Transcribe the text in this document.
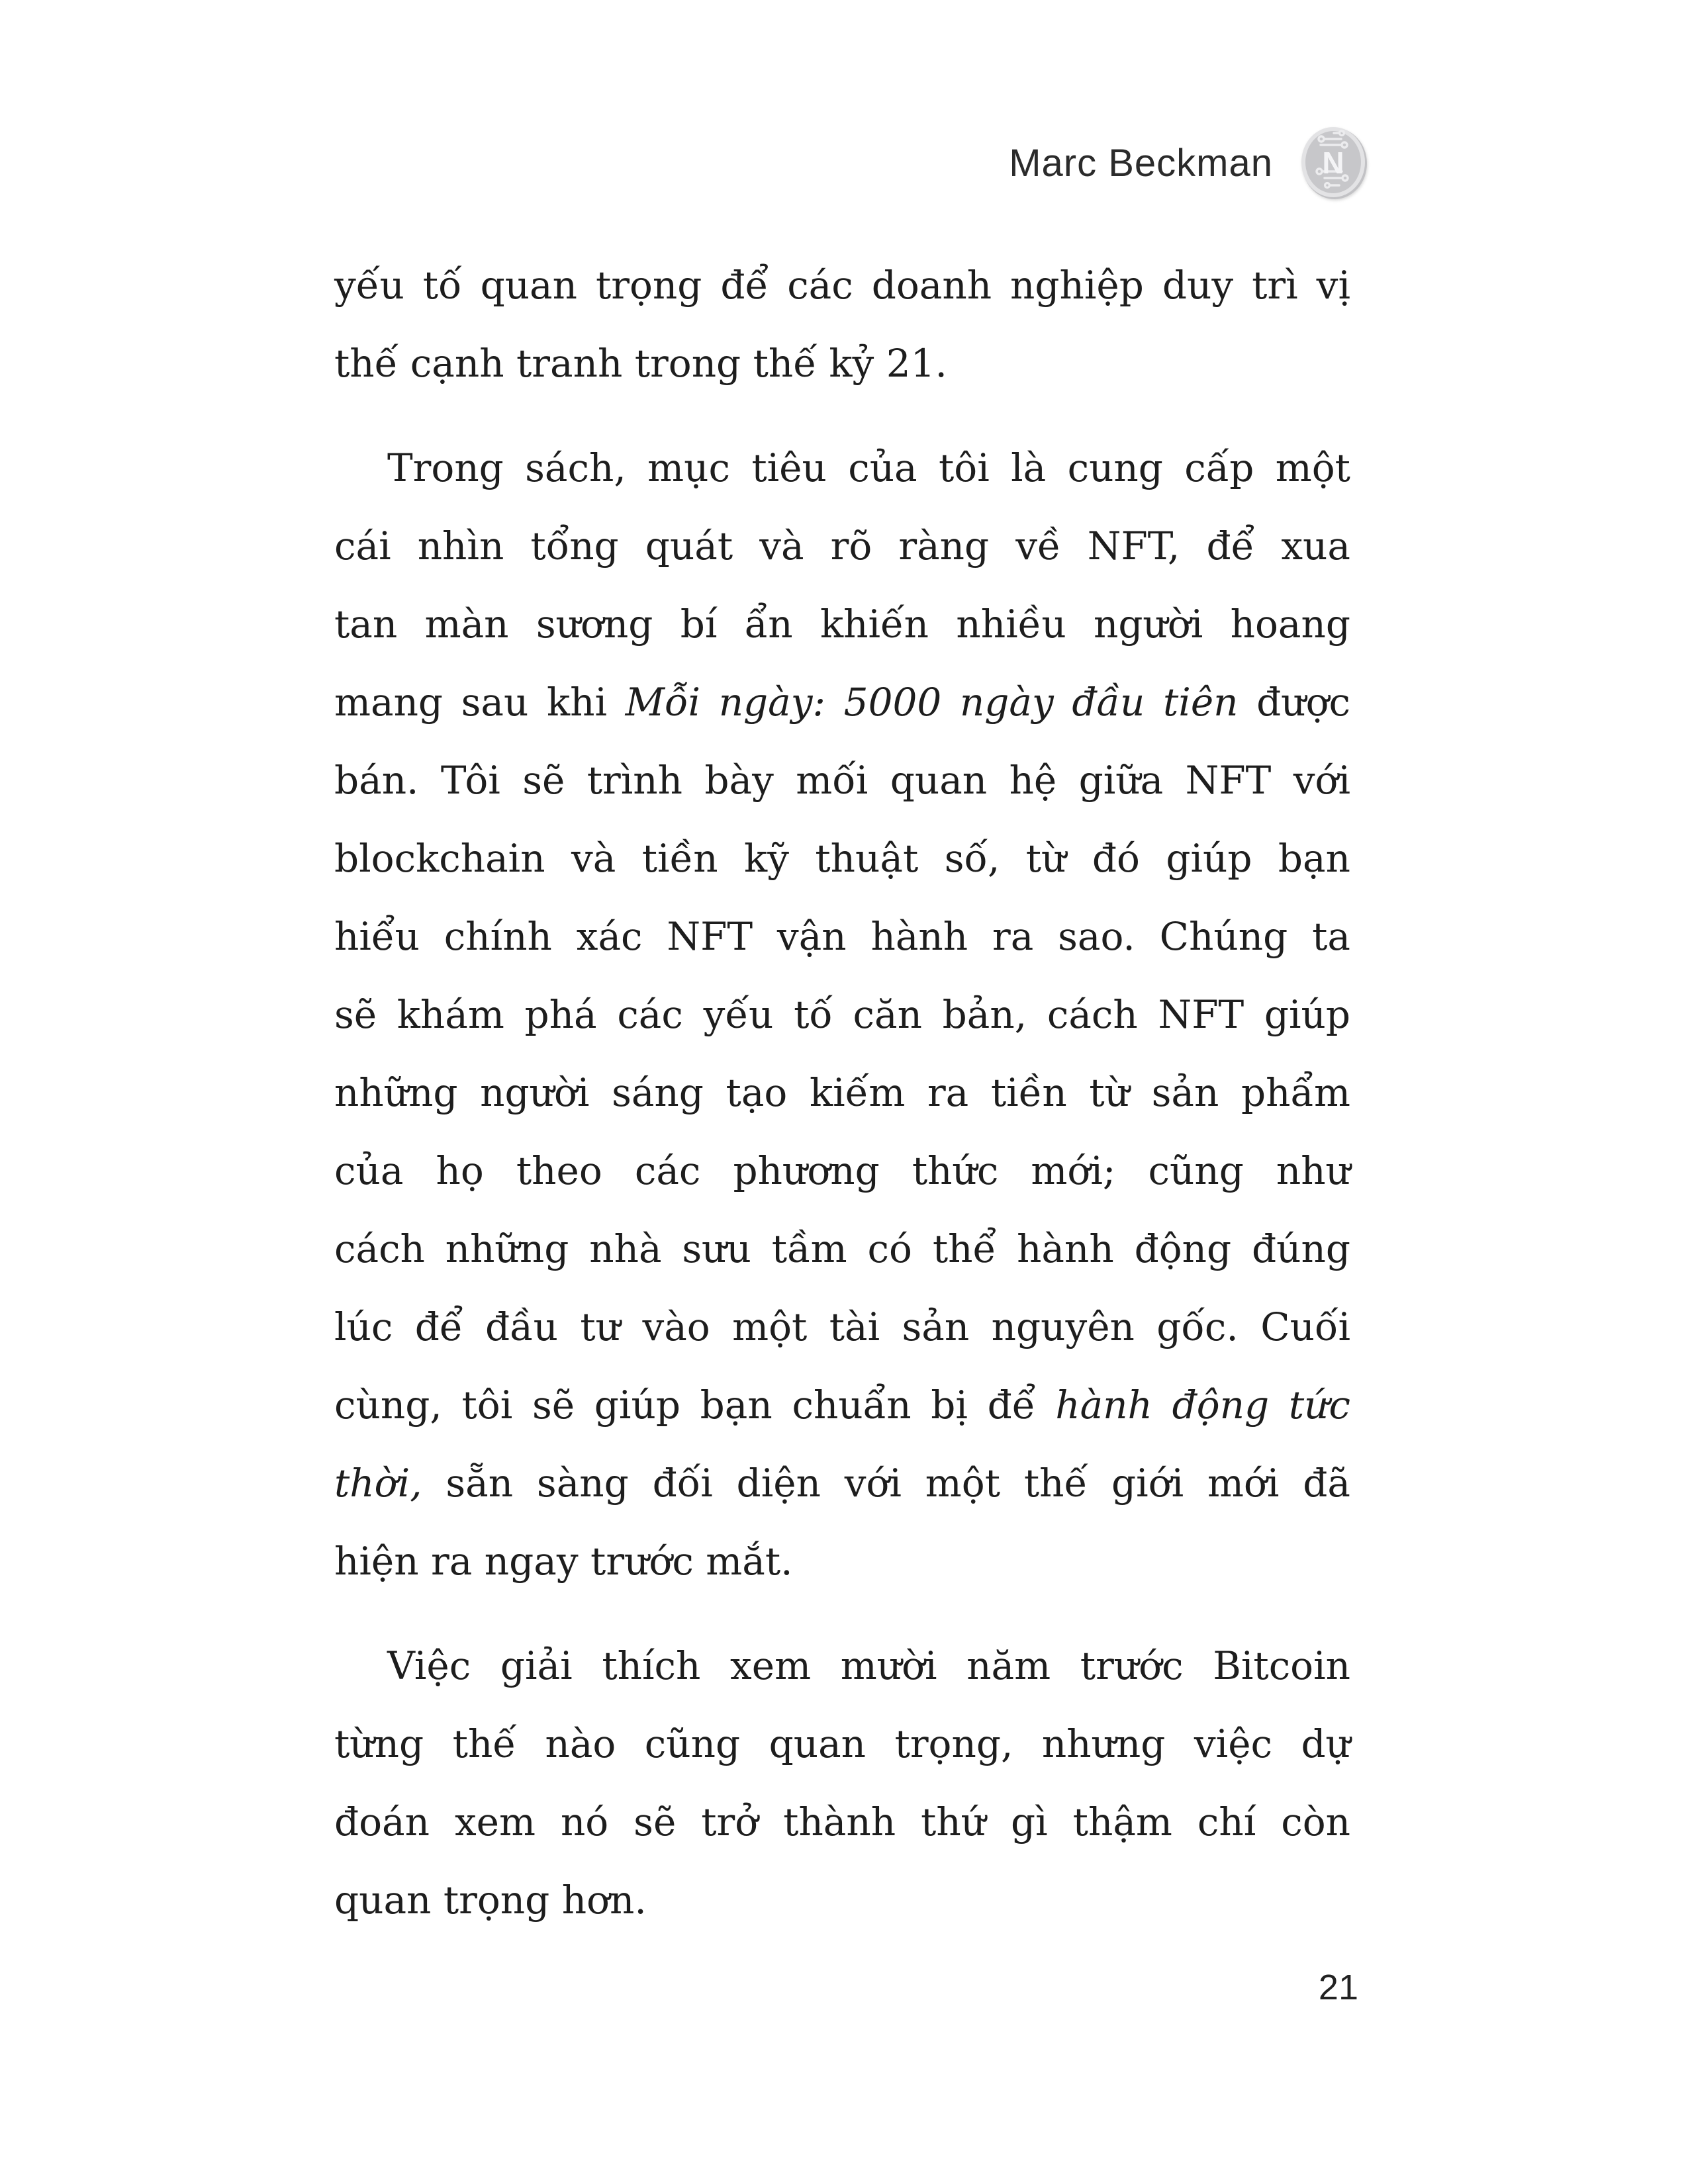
Marc Beckman N
yếu tố quan trọng để các doanh nghiệp duy trì vị
thế cạnh tranh trong thế kỷ 21.
Trong sách, mục tiêu của tôi là cung cấp một
cái nhìn tổng quát và rõ ràng về NFT, để xua
tan màn sương bí ẩn khiến nhiều người hoang
mang sau khi Mỗi ngày: 5000 ngày đầu tiên được
bán. Tôi sẽ trình bày mối quan hệ giữa NFT với
blockchain và tiền kỹ thuật số, từ đó giúp bạn
hiểu chính xác NFT vận hành ra sao. Chúng ta
sẽ khám phá các yếu tố căn bản, cách NFT giúp
những người sáng tạo kiếm ra tiền từ sản phẩm
của họ theo các phương thức mới; cũng như
cách những nhà sưu tầm có thể hành động đúng
lúc để đầu tư vào một tài sản nguyên gốc. Cuối
cùng, tôi sẽ giúp bạn chuẩn bị để hành động tức
thời, sẵn sàng đối diện với một thế giới mới đã
hiện ra ngay trước mắt.
Việc giải thích xem mười năm trước Bitcoin
từng thế nào cũng quan trọng, nhưng việc dự
đoán xem nó sẽ trở thành thứ gì thậm chí còn
quan trọng hơn.
21
